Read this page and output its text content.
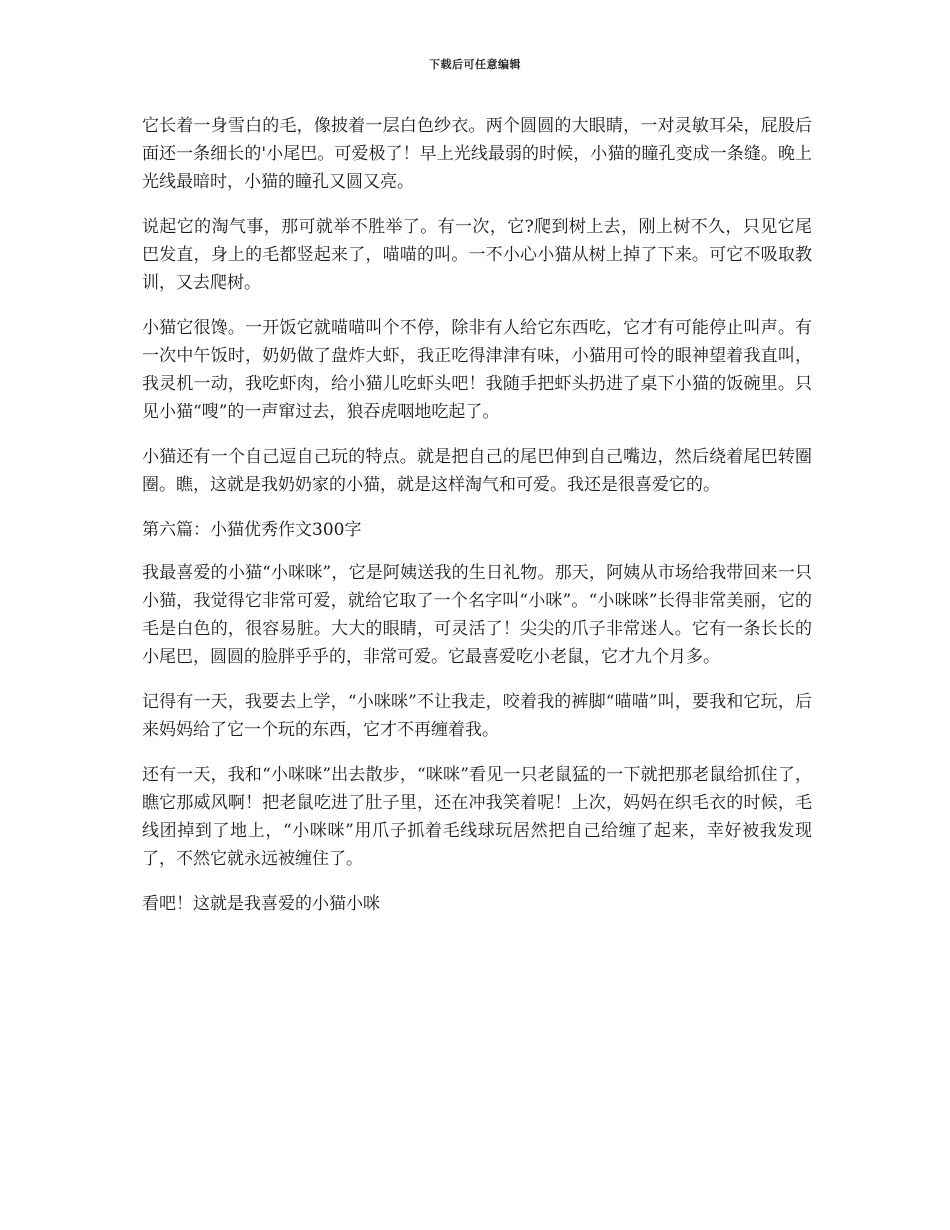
下载后可任意编辑

它长着一身雪白的毛，像披着一层白色纱衣。两个圆圆的大眼睛，一对灵敏耳朵，屁股后面还一条细长的'小尾巴。可爱极了！早上光线最弱的时候，小猫的瞳孔变成一条缝。晚上光线最暗时，小猫的瞳孔又圆又亮。

说起它的淘气事，那可就举不胜举了。有一次，它?爬到树上去，刚上树不久，只见它尾巴发直，身上的毛都竖起来了，喵喵的叫。一不小心小猫从树上掉了下来。可它不吸取教训，又去爬树。

小猫它很馋。一开饭它就喵喵叫个不停，除非有人给它东西吃，它才有可能停止叫声。有一次中午饭时，奶奶做了盘炸大虾，我正吃得津津有味，小猫用可怜的眼神望着我直叫，我灵机一动，我吃虾肉，给小猫儿吃虾头吧！我随手把虾头扔进了桌下小猫的饭碗里。只见小猫“嗖”的一声窜过去，狼吞虎咽地吃起了。

小猫还有一个自己逗自己玩的特点。就是把自己的尾巴伸到自己嘴边，然后绕着尾巴转圈圈。瞧，这就是我奶奶家的小猫，就是这样淘气和可爱。我还是很喜爱它的。

第六篇：小猫优秀作文300字

我最喜爱的小猫“小咪咪”，它是阿姨送我的生日礼物。那天，阿姨从市场给我带回来一只小猫，我觉得它非常可爱，就给它取了一个名字叫“小咪”。“小咪咪”长得非常美丽，它的毛是白色的，很容易脏。大大的眼睛，可灵活了！尖尖的爪子非常迷人。它有一条长长的小尾巴，圆圆的脸胖乎乎的，非常可爱。它最喜爱吃小老鼠，它才九个月多。

记得有一天，我要去上学，“小咪咪”不让我走，咬着我的裤脚“喵喵”叫，要我和它玩，后来妈妈给了它一个玩的东西，它才不再缠着我。

还有一天，我和“小咪咪”出去散步，“咪咪”看见一只老鼠猛的一下就把那老鼠给抓住了，瞧它那威风啊！把老鼠吃进了肚子里，还在冲我笑着呢！上次，妈妈在织毛衣的时候，毛线团掉到了地上，“小咪咪”用爪子抓着毛线球玩居然把自己给缠了起来，幸好被我发现了，不然它就永远被缠住了。

看吧！这就是我喜爱的小猫小咪
